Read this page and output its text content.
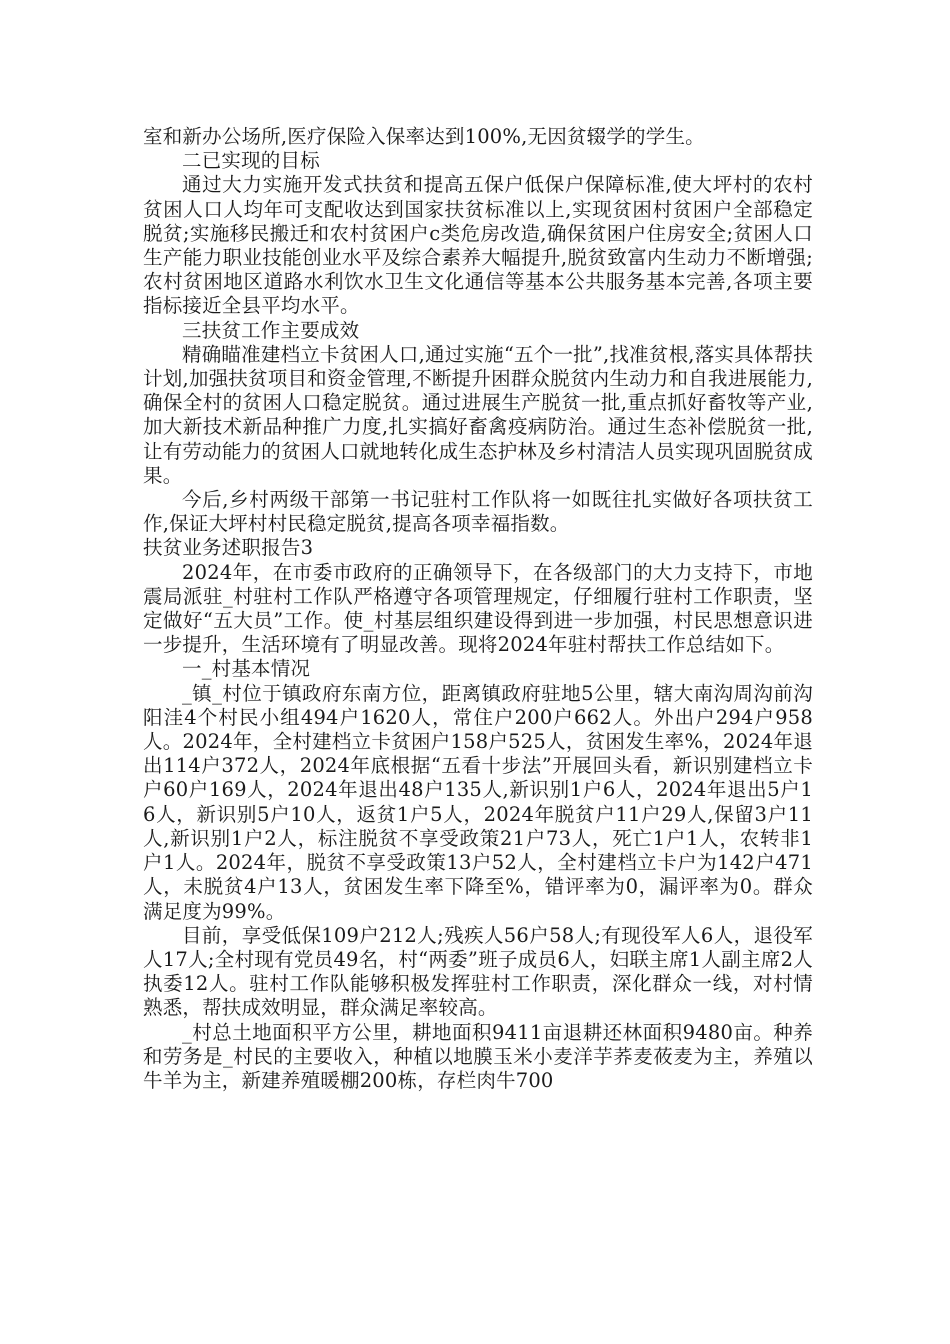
室和新办公场所,医疗保险入保率达到100%,无因贫辍学的学生。

二已实现的目标

通过大力实施开发式扶贫和提高五保户低保户保障标准,使大坪村的农村贫困人口人均年可支配收达到国家扶贫标准以上,实现贫困村贫困户全部稳定脱贫;实施移民搬迁和农村贫困户c类危房改造,确保贫困户住房安全;贫困人口生产能力职业技能创业水平及综合素养大幅提升,脱贫致富内生动力不断增强;农村贫困地区道路水利饮水卫生文化通信等基本公共服务基本完善,各项主要指标接近全县平均水平。

三扶贫工作主要成效

精确瞄准建档立卡贫困人口,通过实施“五个一批”,找准贫根,落实具体帮扶计划,加强扶贫项目和资金管理,不断提升困群众脱贫内生动力和自我进展能力,确保全村的贫困人口稳定脱贫。通过进展生产脱贫一批,重点抓好畜牧等产业,加大新技术新品种推广力度,扎实搞好畜禽疫病防治。通过生态补偿脱贫一批,让有劳动能力的贫困人口就地转化成生态护林及乡村清洁人员实现巩固脱贫成果。

今后,乡村两级干部第一书记驻村工作队将一如既往扎实做好各项扶贫工作,保证大坪村村民稳定脱贫,提高各项幸福指数。

扶贫业务述职报告3

2024年，在市委市政府的正确领导下，在各级部门的大力支持下，市地震局派驻_村驻村工作队严格遵守各项管理规定，仔细履行驻村工作职责，坚定做好“五大员”工作。使_村基层组织建设得到进一步加强，村民思想意识进一步提升，生活环境有了明显改善。现将2024年驻村帮扶工作总结如下。

一_村基本情况

_镇_村位于镇政府东南方位，距离镇政府驻地5公里，辖大南沟周沟前沟阳洼4个村民小组494户1620人，常住户200户662人。外出户294户958人。2024年，全村建档立卡贫困户158户525人，贫困发生率%，2024年退出114户372人，2024年底根据“五看十步法”开展回头看，新识别建档立卡户60户169人，2024年退出48户135人,新识别1户6人，2024年退出5户16人，新识别5户10人，返贫1户5人，2024年脱贫户11户29人,保留3户11人,新识别1户2人，标注脱贫不享受政策21户73人，死亡1户1人，农转非1户1人。2024年，脱贫不享受政策13户52人，全村建档立卡户为142户471人，未脱贫4户13人，贫困发生率下降至%，错评率为0，漏评率为0。群众满足度为99%。

目前，享受低保109户212人;残疾人56户58人;有现役军人6人，退役军人17人;全村现有党员49名，村“两委”班子成员6人，妇联主席1人副主席2人执委12人。驻村工作队能够积极发挥驻村工作职责，深化群众一线，对村情熟悉，帮扶成效明显，群众满足率较高。

_村总土地面积平方公里，耕地面积9411亩退耕还林面积9480亩。种养和劳务是_村民的主要收入，种植以地膜玉米小麦洋芋荞麦莜麦为主，养殖以牛羊为主，新建养殖暖棚200栋，存栏肉牛700
